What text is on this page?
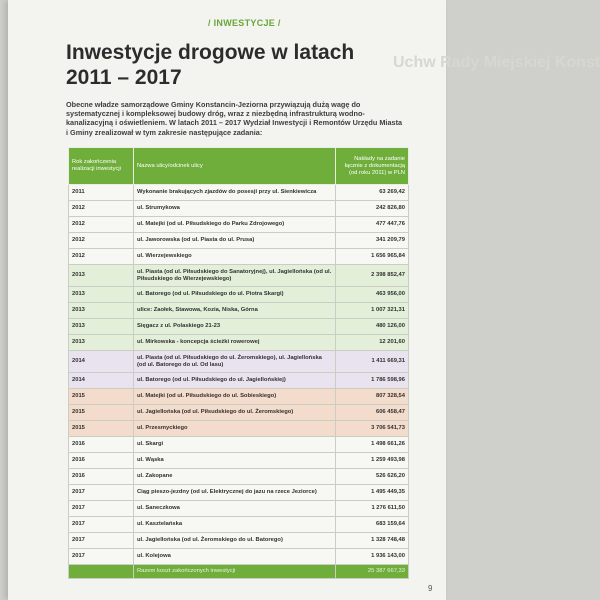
Uchw Rady Miejskiej Konst
/ INWESTYCJE /
Inwestycje drogowe w latach
2011 – 2017

Obecne władze samorządowe Gminy Konstancin-Jeziorna przywiązują dużą wagę do systematycznej i kompleksowej budowy dróg, wraz z niezbędną infrastrukturą wodno-kanalizacyjną i oświetleniem. W latach 2011 – 2017 Wydział Inwestycji i Remontów Urzędu Miasta i Gminy zrealizował w tym zakresie następujące zadania:

Rok zakończenia realizacji inwestycji	Nazwa ulicy/odcinek ulicy	Nakłady na zadanie łącznie z dokumentacją (od roku 2011) w PLN
2011	Wykonanie brakujących zjazdów do posesji przy ul. Sienkiewicza	63 269,42
2012	ul. Strumykowa	242 826,80
2012	ul. Matejki (od ul. Piłsudskiego do Parku Zdrojowego)	477 447,76
2012	ul. Jaworowska (od ul. Piasta do ul. Prusa)	341 209,79
2012	ul. Wierzejewskiego	1 656 965,84
2013	ul. Piasta (od ul. Piłsudskiego do Sanatoryjnej), ul. Jagiellońska (od ul. Piłsudskiego do Wierzejewskiego)	2 398 852,47
2013	ul. Batorego (od ul. Piłsudskiego do ul. Piotra Skargi)	463 956,00
2013	ulice: Zaołek, Stawowa, Kozia, Niska, Górna	1 007 321,31
2013	Sięgacz z ul. Polaskiego 21-23	480 126,00
2013	ul. Mirkowska - koncepcja ścieżki rowerowej	12 201,60
2014	ul. Piasta (od ul. Piłsudskiego do ul. Żeromskiego), ul. Jagiellońska (od ul. Batorego do ul. Od lasu)	1 411 669,31
2014	ul. Batorego (od ul. Piłsudskiego do ul. Jagiellońskiej)	1 786 598,96
2015	ul. Matejki (od ul. Piłsudskiego do ul. Sobieskiego)	807 328,54
2015	ul. Jagiellońska (od ul. Piłsudskiego do ul. Żeromskiego)	606 458,47
2015	ul. Przesmyckiego	3 706 541,73
2016	ul. Skargi	1 498 661,26
2016	ul. Wąska	1 259 493,98
2016	ul. Zakopane	526 626,20
2017	Ciąg pieszo-jezdny (od ul. Elektrycznej do jazu na rzece Jeziorce)	1 495 449,35
2017	ul. Saneczkowa	1 276 611,50
2017	ul. Kasztelańska	683 159,64
2017	ul. Jagiellońska (od ul. Żeromskiego do ul. Batorego)	1 328 748,48
2017	ul. Kolejowa	1 936 143,00
	Razem koszt zakończonych inwestycji	25 387 667,33
9
